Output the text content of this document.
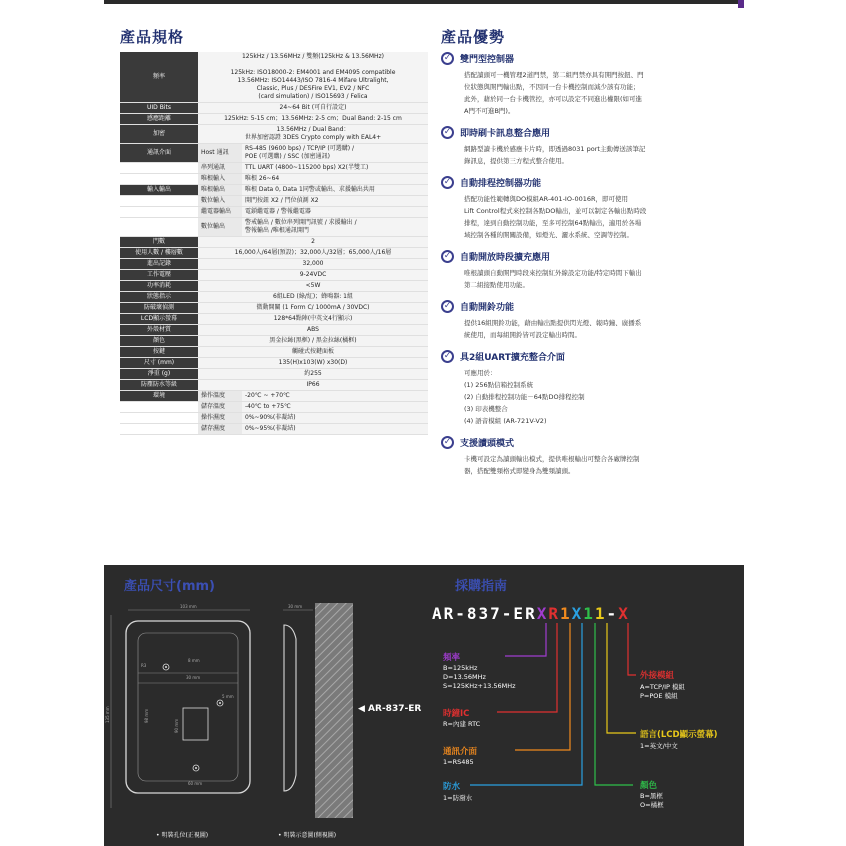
產品規格	產品優勢
頻率	125kHz / 13.56MHz / 雙頻(125kHz & 13.56MHz)

125kHz: ISO18000-2: EM4001 and EM4095 compatible
13.56MHz: ISO14443/ISO 7816-4 Mifare Ultralight,
Classic, Plus / DESFire EV1, EV2 / NFC
(card simulation) / ISO15693 / Felica	
UID Bits	24~64 Bit (可自行設定)	
感應距離	125kHz: 5-15 cm；13.56MHz: 2-5 cm；Dual Band: 2-15 cm	
加密	13.56MHz / Dual Band：
世界加密認證 3DES Crypto comply with EAL4+	
通訊介面	Host 通訊	RS-485 (9600 bps) / TCP/IP (可選購) /
POE (可選購) / SSC (加密通訊)
	串列通訊	TTL UART (4800~115200 bps) X2(半雙工)
	唯根輸入	唯根 26~64
輸入輸出	唯根輸出	唯根 Data 0, Data 1同警或輸出、求援輸出共用
	數位輸入	開門按鈕 X2 / 門位偵測 X2
	繼電器輸出	電鎖繼電器 / 警報繼電器
	數位輸出	警戒輸出 / 數位串列開門訊號 / 求援輸出 /
警報輸出 /唯根通訊開門
門數	2	
使用人數 / 樓層數	16,000人/64層(預設)；32,000人/32層；65,000人/16層	
進出記錄	32,000	
工作電壓	9-24VDC	
功率消耗	<5W	
狀態指示	6組LED (綠/紅)；蜂鳴器: 1組	
防破壞偵測	微動開關 (1 Form C/ 1000mA / 30VDC)	
LCD顯示螢幕	128*64點陣(中英文4行顯示)	
外殼材質	ABS	
顏色	黑金拉絲(黑框) / 黑金拉絲(橘框)	
按鍵	觸碰式按鍵面板	
尺寸 (mm)	135(H)x103(W) x30(D)	
淨重 (g)	約255	
防塵防水等級	IP66	
環境	操作溫度	-20℃ ~ +70℃
	儲存溫度	-40℃ to +75℃
	操作濕度	0%~90%(非凝結)
	儲存濕度	0%~95%(非凝結)
✓ 雙門型控制器
搭配讀頭可一機管理2道門禁，第二組門禁亦具有開門按鈕、門
位狀態與開門輸出點，不因同一台卡機控制而減少該有功能；
此外，藉於同一台卡機管控，亦可以設定不同進出權限(如可進
A門不可進B門)。
✓ 即時刷卡訊息整合應用
網路型讀卡機於感應卡片時，即透過8031 port主動傳送該筆記
錄訊息，提供第三方程式整合使用。
✓ 自動排程控制器功能
搭配功能性範轉與DO模組AR-401-IO-0016R，即可使用
Lift Control程式來控制各點DO輸出，並可以制定各輸出點時段
排程，達到自動控制功能，至多可控制64點輸出，適用於各場
域控制各種的開關設備，如燈光、灑水系統、空調等控制。
✓ 自動開放時段擴充應用
唯根讀頭自動開門時段來控制紅外線設定功能/特定時間下輸出
第二組接點使用功能。
✓ 自動開鈴功能
提供16組開鈴功能，藉由輸出點提供閃光燈、報時鐘、廣播系
統使用，而每組開鈴皆可設定輸出時間。
✓ 具2組UART擴充整合介面
可應用於：
(1) 256點信箱控制系統
(2) 自動排程控制功能－64點DO排程控制
(3) 印表機整合
(4) 語音模組 (AR-721V-V2)
✓ 支援讀頭模式
卡機可設定為讀頭輸出模式，提供唯根輸出可整合各廠牌控制
器，搭配雙頻格式即變身為雙頻讀頭。
產品尺寸(mm)	採購指南
103 mm
135 mm
R3
8 mm
30 mm
5 mm
98 mm
90 mm
60 mm
30 mm
◀ AR-837-ER
• 明裝孔位(正視圖)	• 明裝示意圖(側視圖)
AR-837-ERXR1X11-X
頻率
B=125kHz
D=13.56MHz
S=125KHz+13.56MHz
時鐘IC
R=內建 RTC
通訊介面
1=RS485
防水
1=防潑水
外接模組
A=TCP/IP 模組
P=POE 模組
語言(LCD顯示螢幕)
1=英文/中文
顏色
B=黑框
O=橘框
